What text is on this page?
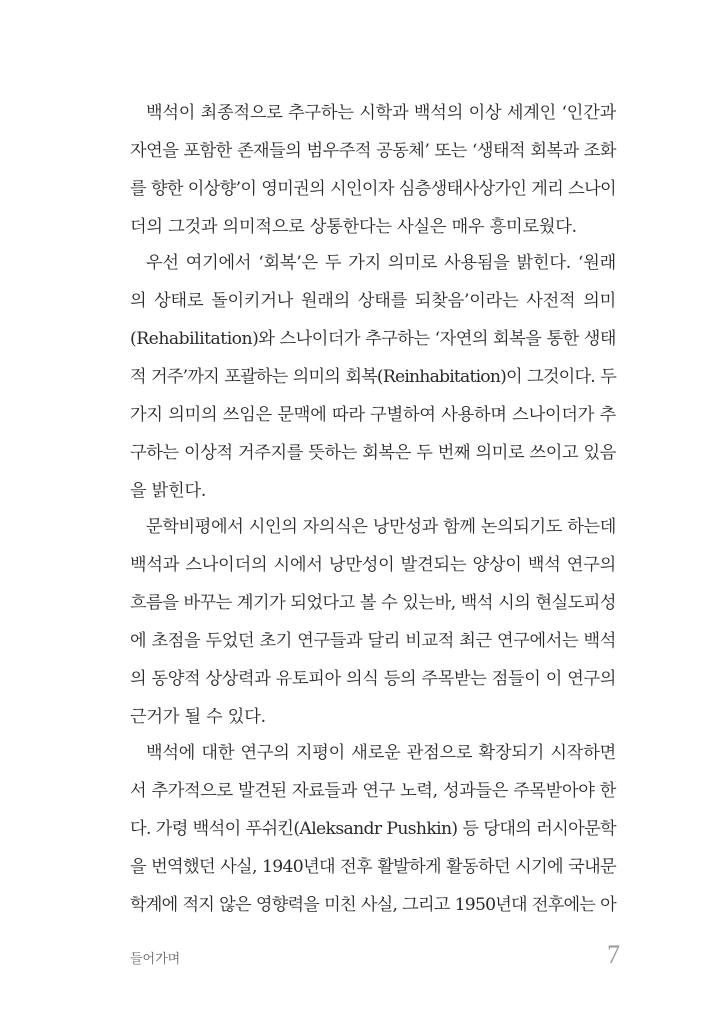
백석이 최종적으로 추구하는 시학과 백석의 이상 세계인 ‘인간과
자연을 포함한 존재들의 범우주적 공동체’ 또는 ‘생태적 회복과 조화
를 향한 이상향’이 영미권의 시인이자 심층생태사상가인 게리 스나이
더의 그것과 의미적으로 상통한다는 사실은 매우 흥미로웠다.
우선 여기에서 ‘회복’은 두 가지 의미로 사용됨을 밝힌다. ‘원래
의 상태로 돌이키거나 원래의 상태를 되찾음’이라는 사전적 의미
(Rehabilitation)와 스나이더가 추구하는 ‘자연의 회복을 통한 생태
적 거주’까지 포괄하는 의미의 회복(Reinhabitation)이 그것이다. 두
가지 의미의 쓰임은 문맥에 따라 구별하여 사용하며 스나이더가 추
구하는 이상적 거주지를 뜻하는 회복은 두 번째 의미로 쓰이고 있음
을 밝힌다.
문학비평에서 시인의 자의식은 낭만성과 함께 논의되기도 하는데
백석과 스나이더의 시에서 낭만성이 발견되는 양상이 백석 연구의
흐름을 바꾸는 계기가 되었다고 볼 수 있는바, 백석 시의 현실도피성
에 초점을 두었던 초기 연구들과 달리 비교적 최근 연구에서는 백석
의 동양적 상상력과 유토피아 의식 등의 주목받는 점들이 이 연구의
근거가 될 수 있다.
백석에 대한 연구의 지평이 새로운 관점으로 확장되기 시작하면
서 추가적으로 발견된 자료들과 연구 노력, 성과들은 주목받아야 한
다. 가령 백석이 푸쉬킨(Aleksandr Pushkin) 등 당대의 러시아문학
을 번역했던 사실, 1940년대 전후 활발하게 활동하던 시기에 국내문
학계에 적지 않은 영향력을 미친 사실, 그리고 1950년대 전후에는 아
들어가며	7
